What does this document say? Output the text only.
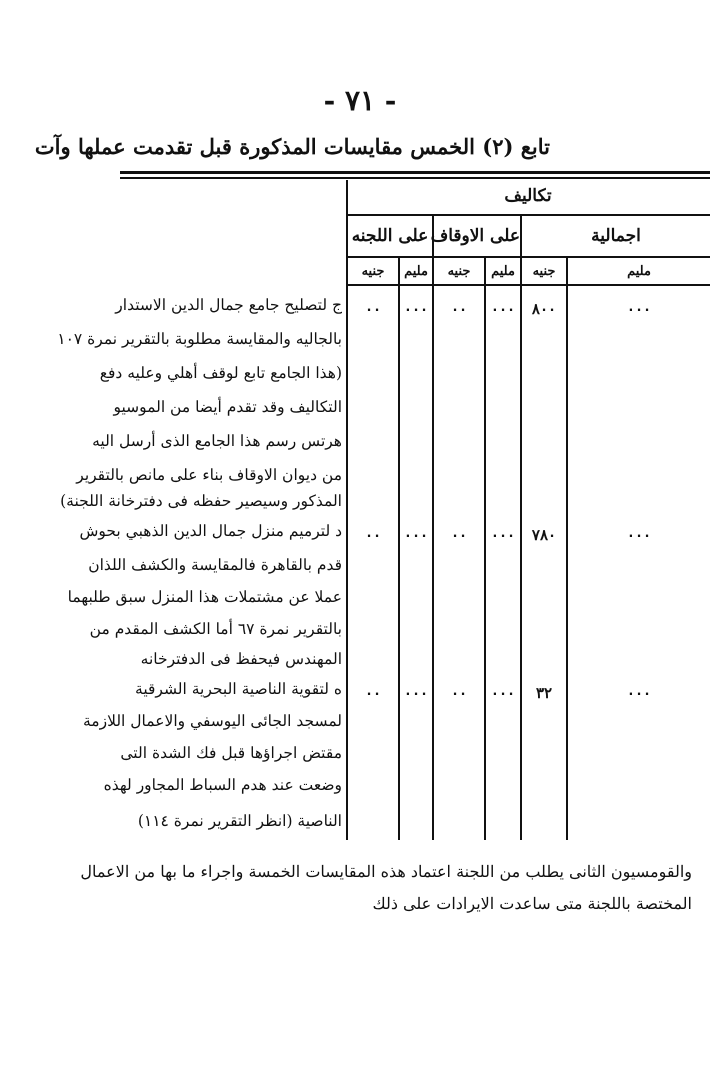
- ٧١ -
تابع (٢) الخمس مقايسات المذكورة قبل تقدمت عملها وآت
تكاليف
اجمالية
على الاوقاف
على اللجنه
ملیم
جنيه
مليم
جنيه
مليم
جنيه
٠٠٠
٨٠٠
٠٠٠
٠٠
٠٠٠
٠٠
٠٠٠
٧٨٠
٠٠٠
٠٠
٠٠٠
٠٠
٠٠٠
٣٢
٠٠٠
٠٠
٠٠٠
٠٠
ج لتصليح جامع جمال الدين الاستدار
بالجاليه والمقايسة مطلوبة بالتقرير نمرة ١٠٧
(هذا الجامع تابع لوقف أهلي وعليه دفع
التكاليف وقد تقدم أيضا من الموسيو
هرتس رسم هذا الجامع الذى أرسل اليه
من ديوان الاوقاف بناء على مانص بالتقرير
المذكور وسيصير حفظه فى دفترخانة اللجنة)
د لترميم منزل جمال الدين الذهبي بحوش
قدم بالقاهرة فالمقايسة والكشف اللذان
عملا عن مشتملات هذا المنزل سبق طلبهما
بالتقرير نمرة ٦٧ أما الكشف المقدم من
المهندس فيحفظ فى الدفترخانه
ه لتقوية الناصية البحرية الشرقية
لمسجد الجائى اليوسفي والاعمال اللازمة
مقتض اجراؤها قبل فك الشدة التى
وضعت عند هدم السباط المجاور لهذه
الناصية (انظر التقرير نمرة ١١٤)
والقومسيون الثانى يطلب من اللجنة اعتماد هذه المقايسات الخمسة واجراء ما بها من الاعمال
المختصة باللجنة متى ساعدت الايرادات على ذلك
